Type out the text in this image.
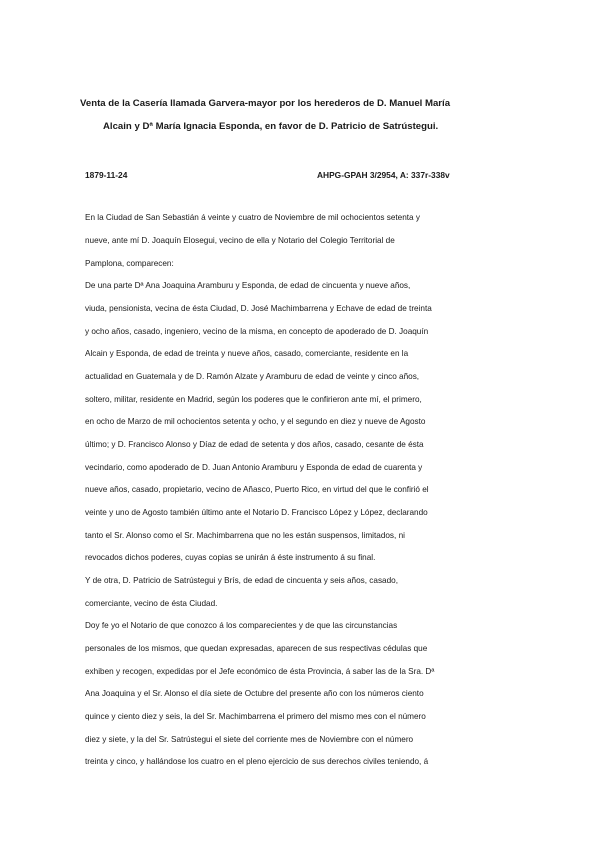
Venta de la Casería llamada Garvera-mayor por los herederos de D. Manuel María
Alcain y Dª María Ignacia Esponda, en favor de D. Patricio de Satrústegui.
1879-11-24	AHPG-GPAH 3/2954, A: 337r-338v
En la Ciudad de San Sebastián á veinte y cuatro de Noviembre de mil ochocientos setenta y
nueve, ante mí D. Joaquín Elosegui, vecino de ella y Notario del Colegio Territorial de
Pamplona, comparecen:
De una parte Dª Ana Joaquina Aramburu y Esponda, de edad de cincuenta y nueve años,
viuda, pensionista, vecina de ésta Ciudad, D. José Machimbarrena y Echave de edad de treinta
y ocho años, casado, ingeniero, vecino de la misma, en concepto de apoderado de D. Joaquín
Alcain y Esponda, de edad de treinta y nueve años, casado, comerciante, residente en la
actualidad en Guatemala y de D. Ramón Alzate y Aramburu de edad de veinte y cinco años,
soltero, militar, residente en Madrid, según los poderes que le confirieron ante mí, el primero,
en ocho de Marzo de mil ochocientos setenta y ocho, y el segundo en diez y nueve de Agosto
último; y D. Francisco Alonso y Díaz de edad de setenta y dos años, casado, cesante de ésta
vecindario, como apoderado de D. Juan Antonio Aramburu y Esponda de edad de cuarenta y
nueve años, casado, propietario, vecino de Añasco, Puerto Rico, en virtud del que le confirió el
veinte y uno de Agosto también último ante el Notario D. Francisco López y López, declarando
tanto el Sr. Alonso como el Sr. Machimbarrena que no les están suspensos, limitados, ni
revocados dichos poderes, cuyas copias se unirán á éste instrumento á su final.
Y de otra, D. Patricio de Satrústegui y Brís, de edad de cincuenta y seis años, casado,
comerciante, vecino de ésta Ciudad.
Doy fe yo el Notario de que conozco á los comparecientes y de que las circunstancias
personales de los mismos, que quedan expresadas, aparecen de sus respectivas cédulas que
exhiben y recogen, expedidas por el Jefe económico de ésta Provincia, á saber las de la Sra. Dª
Ana Joaquina y el Sr. Alonso el día siete de Octubre del presente año con los números ciento
quince y ciento diez y seis, la del Sr. Machimbarrena el primero del mismo mes con el número
diez y siete, y la del Sr. Satrústegui el siete del corriente mes de Noviembre con el número
treinta y cinco, y hallándose los cuatro en el pleno ejercicio de sus derechos civiles teniendo, á
